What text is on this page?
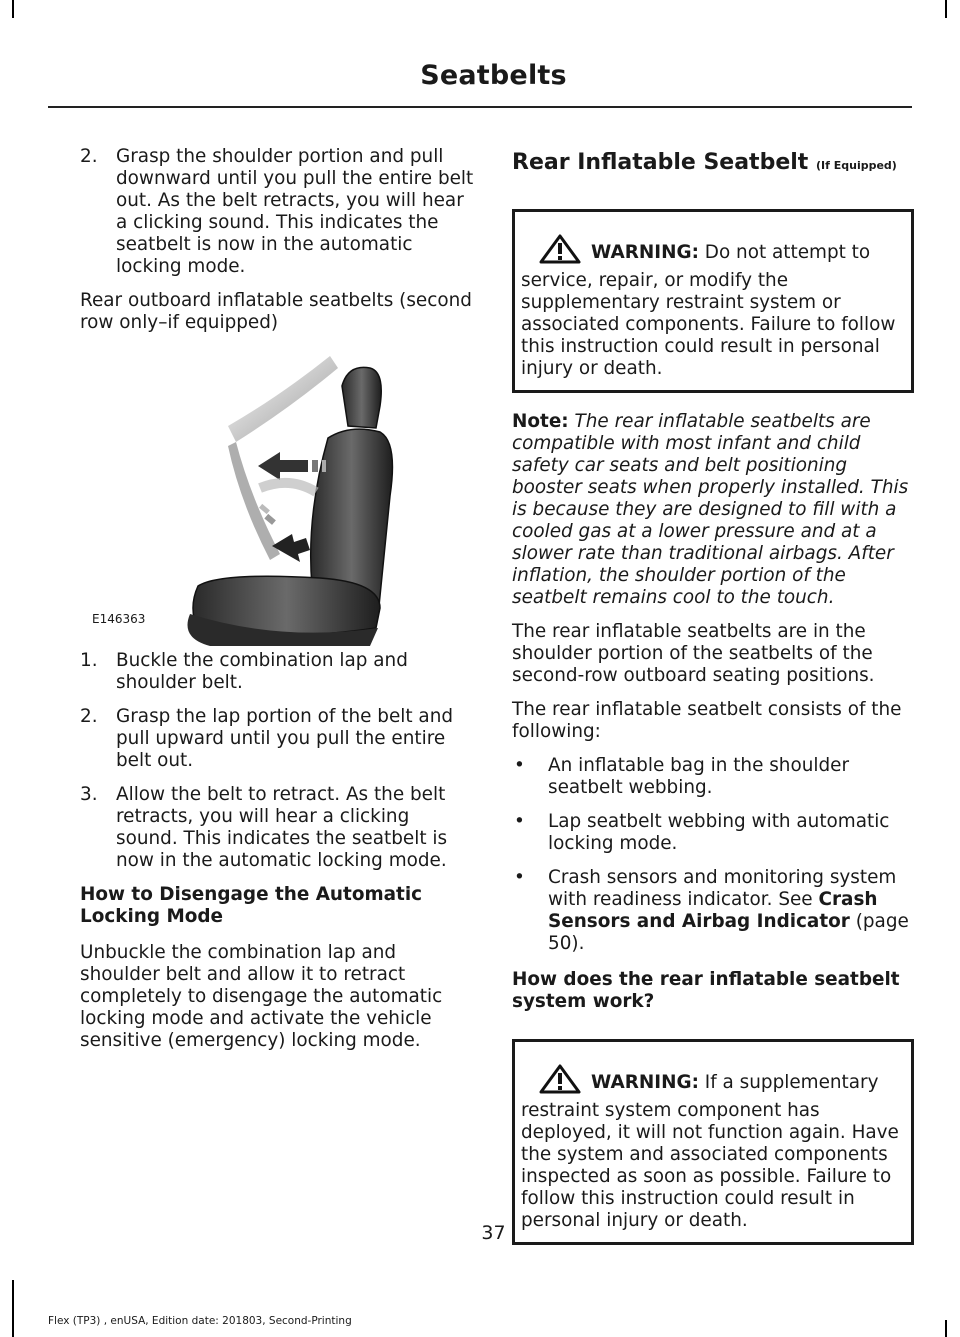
Seatbelts
2. Grasp the shoulder portion and pull downward until you pull the entire belt out. As the belt retracts, you will hear a clicking sound. This indicates the seatbelt is now in the automatic locking mode.

Rear outboard inflatable seatbelts (second row only–if equipped)

E146363
1. Buckle the combination lap and shoulder belt.
2. Grasp the lap portion of the belt and pull upward until you pull the entire belt out.
3. Allow the belt to retract. As the belt retracts, you will hear a clicking sound. This indicates the seatbelt is now in the automatic locking mode.

How to Disengage the Automatic Locking Mode

Unbuckle the combination lap and shoulder belt and allow it to retract completely to disengage the automatic locking mode and activate the vehicle sensitive (emergency) locking mode.

Rear Inflatable Seatbelt (If Equipped)
WARNING: Do not attempt to service, repair, or modify the supplementary restraint system or associated components. Failure to follow this instruction could result in personal injury or death.

Note: The rear inflatable seatbelts are compatible with most infant and child safety car seats and belt positioning booster seats when properly installed. This is because they are designed to fill with a cooled gas at a lower pressure and at a slower rate than traditional airbags. After inflation, the shoulder portion of the seatbelt remains cool to the touch.

The rear inflatable seatbelts are in the shoulder portion of the seatbelts of the second-row outboard seating positions.

The rear inflatable seatbelt consists of the following:

• An inflatable bag in the shoulder seatbelt webbing.
• Lap seatbelt webbing with automatic locking mode.
• Crash sensors and monitoring system with readiness indicator. See Crash Sensors and Airbag Indicator (page 50).

How does the rear inflatable seatbelt system work?

WARNING: If a supplementary restraint system component has deployed, it will not function again. Have the system and associated components inspected as soon as possible. Failure to follow this instruction could result in personal injury or death.
37
Flex (TP3) , enUSA, Edition date: 201803, Second-Printing
